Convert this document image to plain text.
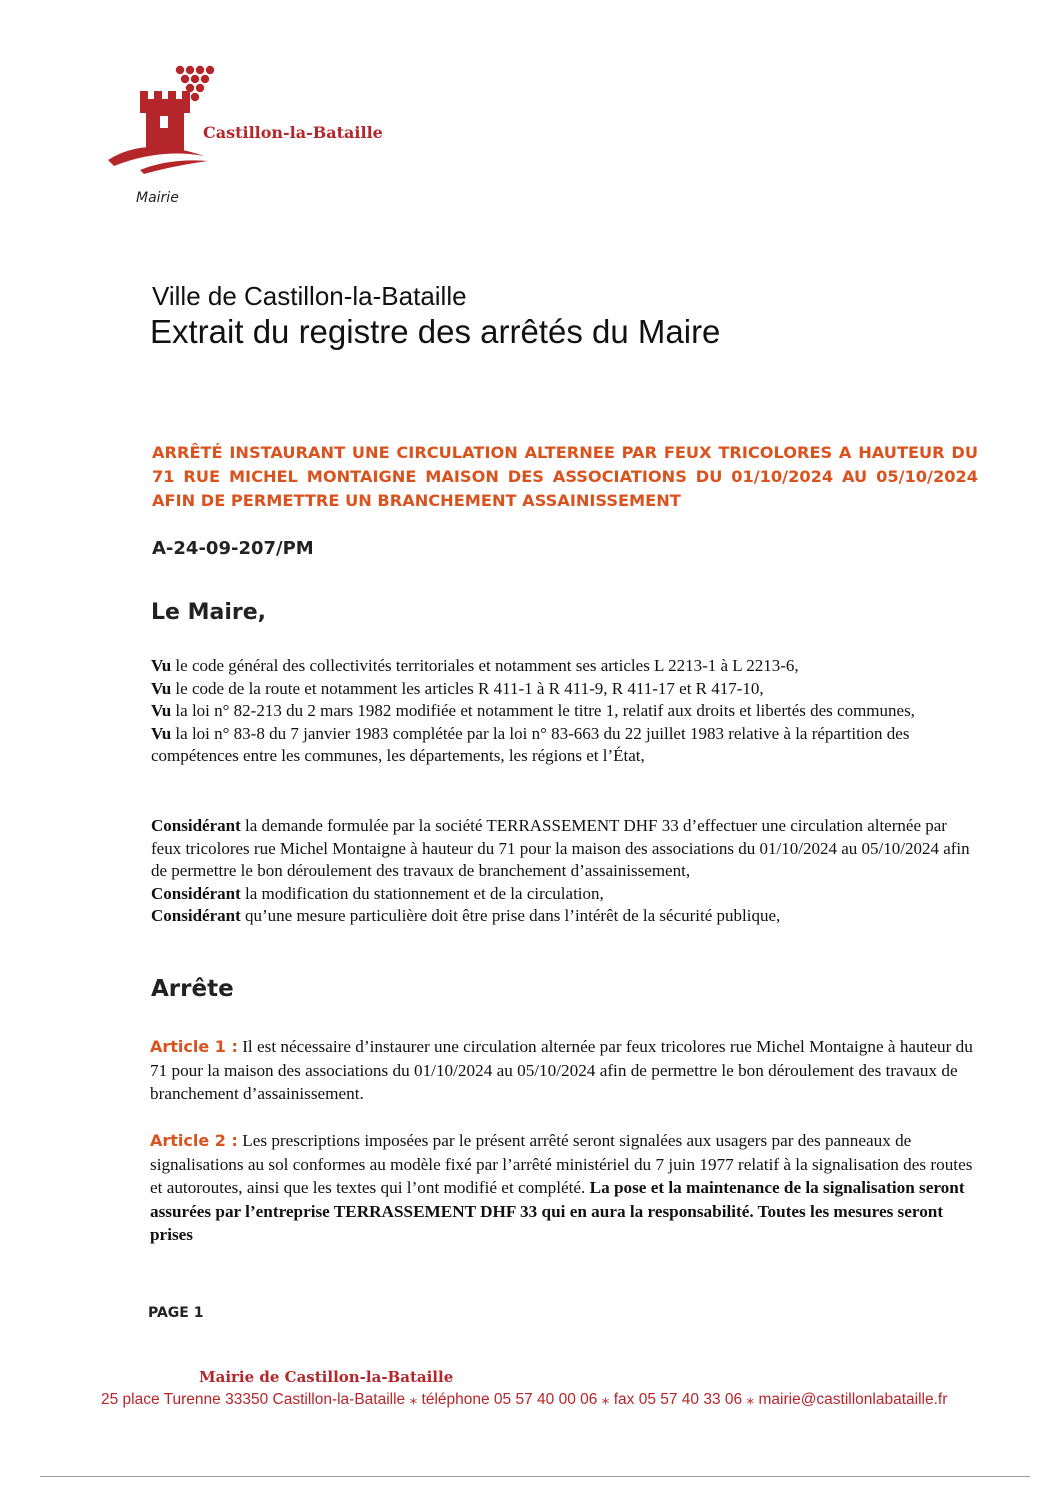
Castillon-la-Bataille
Mairie
Ville de Castillon-la-Bataille
Extrait du registre des arrêtés du Maire
ARRÊTÉ INSTAURANT UNE CIRCULATION ALTERNEE PAR FEUX TRICOLORES A HAUTEUR DU 71 RUE MICHEL MONTAIGNE MAISON DES ASSOCIATIONS DU 01/10/2024 AU 05/10/2024 AFIN DE PERMETTRE UN BRANCHEMENT ASSAINISSEMENT
A-24-09-207/PM
Le Maire,

Vu le code général des collectivités territoriales et notamment ses articles L 2213-1 à L 2213-6,

Vu le code de la route et notamment les articles R 411-1 à R 411-9, R 411-17 et R 417-10,

Vu la loi n° 82-213 du 2 mars 1982 modifiée et notamment le titre 1, relatif aux droits et libertés des communes,

Vu la loi n° 83-8 du 7 janvier 1983 complétée par la loi n° 83-663 du 22 juillet 1983 relative à la répartition des compétences entre les communes, les départements, les régions et l’État,

Considérant la demande formulée par la société TERRASSEMENT DHF 33 d’effectuer une circulation alternée par feux tricolores rue Michel Montaigne à hauteur du 71 pour la maison des associations du 01/10/2024 au 05/10/2024 afin de permettre le bon déroulement des travaux de branchement d’assainissement,

Considérant la modification du stationnement et de la circulation,

Considérant qu’une mesure particulière doit être prise dans l’intérêt de la sécurité publique,

Arrête
Article 1 : Il est nécessaire d’instaurer une circulation alternée par feux tricolores rue Michel Montaigne à hauteur du 71 pour la maison des associations du 01/10/2024 au 05/10/2024 afin de permettre le bon déroulement des travaux de branchement d’assainissement.
Article 2 : Les prescriptions imposées par le présent arrêté seront signalées aux usagers par des panneaux de signalisations au sol conformes au modèle fixé par l’arrêté ministériel du 7 juin 1977 relatif à la signalisation des routes et autoroutes, ainsi que les textes qui l’ont modifié et complété. La pose et la maintenance de la signalisation seront assurées par l’entreprise TERRASSEMENT DHF 33 qui en aura la responsabilité. Toutes les mesures seront prises
PAGE 1
Mairie de Castillon-la-Bataille
25 place Turenne 33350 Castillon-la-Bataille ⁎ téléphone 05 57 40 00 06 ⁎ fax 05 57 40 33 06 ⁎ mairie@castillonlabataille.fr
